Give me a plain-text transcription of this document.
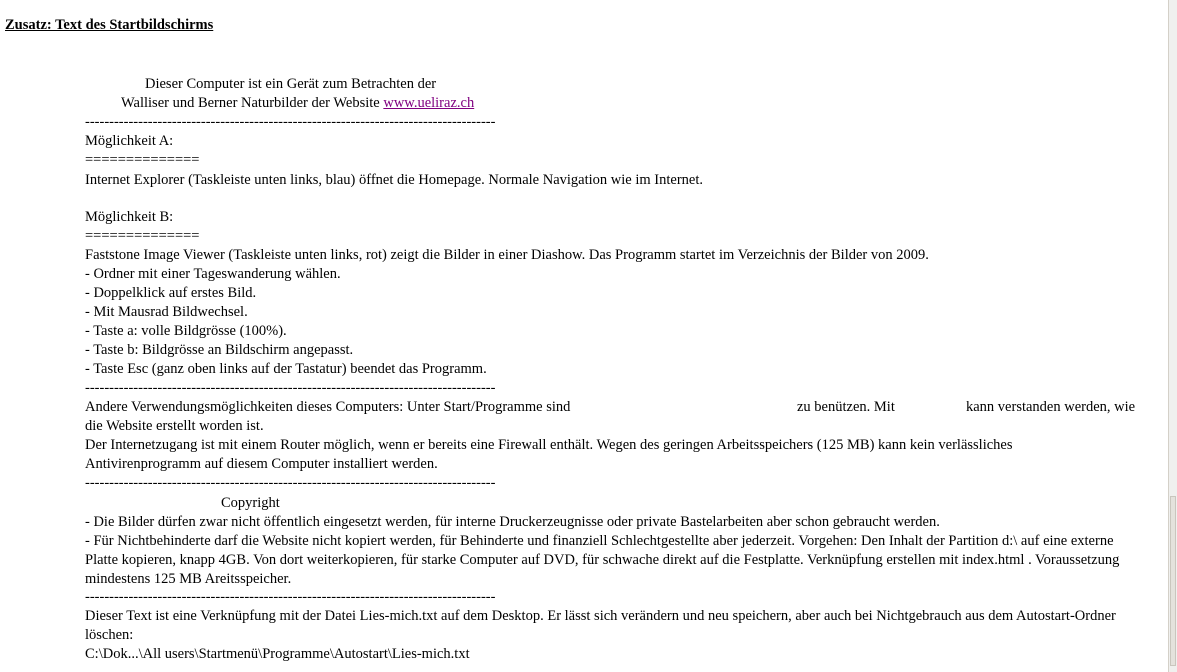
Zusatz: Text des Startbildschirms
Dieser Computer ist ein Gerät zum Betrachten der
Walliser und Berner Naturbilder der Website www.ueliraz.ch
-------------------------------------------------------------------------------------
Möglichkeit A:
==============
Internet Explorer (Taskleiste unten links, blau) öffnet die Homepage. Normale Navigation wie im Internet.
Möglichkeit B:
==============
Faststone Image Viewer (Taskleiste unten links, rot) zeigt die Bilder in einer Diashow. Das Programm startet im Verzeichnis der Bilder von 2009.
- Ordner mit einer Tageswanderung wählen.
- Doppelklick auf erstes Bild.
- Mit Mausrad Bildwechsel.
- Taste a: volle Bildgrösse (100%).
- Taste b: Bildgrösse an Bildschirm angepasst.
- Taste Esc (ganz oben links auf der Tastatur) beendet das Programm.
-------------------------------------------------------------------------------------
Andere Verwendungsmöglichkeiten dieses Computers: Unter Start/Programme sind	zu benützen. Mit	kann verstanden werden, wie
die Website erstellt worden ist.
Der Internetzugang ist mit einem Router möglich, wenn er bereits eine Firewall enthält. Wegen des geringen Arbeitsspeichers (125 MB) kann kein verlässliches Antivirenprogramm auf diesem Computer installiert werden.
-------------------------------------------------------------------------------------
Copyright
- Die Bilder dürfen zwar nicht öffentlich eingesetzt werden, für interne Druckerzeugnisse oder private Bastelarbeiten aber schon gebraucht werden.
- Für Nichtbehinderte darf die Website nicht kopiert werden, für Behinderte und finanziell Schlechtgestellte aber jederzeit. Vorgehen: Den Inhalt der Partition d:\ auf eine externe Platte kopieren, knapp 4GB. Von dort weiterkopieren, für starke Computer auf DVD, für schwache direkt auf die Festplatte. Verknüpfung erstellen mit index.html . Voraussetzung mindestens 125 MB Areitsspeicher.
-------------------------------------------------------------------------------------
Dieser Text ist eine Verknüpfung mit der Datei Lies-mich.txt auf dem Desktop. Er lässt sich verändern und neu speichern, aber auch bei Nichtgebrauch aus dem Autostart-Ordner löschen:
C:\Dok...\All users\Startmenü\Programme\Autostart\Lies-mich.txt
